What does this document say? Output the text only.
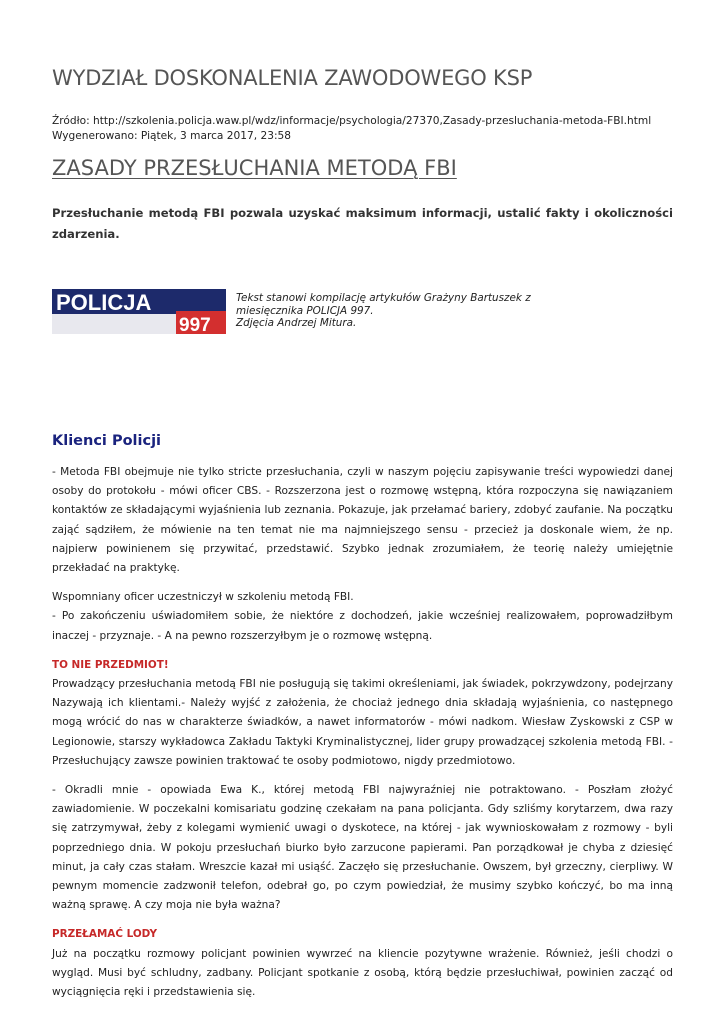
WYDZIAŁ DOSKONALENIA ZAWODOWEGO KSP
Źródło: http://szkolenia.policja.waw.pl/wdz/informacje/psychologia/27370,Zasady-przesluchania-metoda-FBI.html
Wygenerowano: Piątek, 3 marca 2017, 23:58
ZASADY PRZESŁUCHANIA METODĄ FBI
Przesłuchanie metodą FBI pozwala uzyskać maksimum informacji, ustalić fakty i okoliczności zdarzenia.
POLICJA
997
Tekst stanowi kompilację artykułów Grażyny Bartuszek z
miesięcznika POLICJA 997.
Zdjęcia Andrzej Mitura.
Klienci Policji

- Metoda FBI obejmuje nie tylko stricte przesłuchania, czyli w naszym pojęciu zapisywanie treści wypowiedzi danej osoby do protokołu - mówi oficer CBS. - Rozszerzona jest o rozmowę wstępną, która rozpoczyna się nawiązaniem kontaktów ze składającymi wyjaśnienia lub zeznania. Pokazuje, jak przełamać bariery, zdobyć zaufanie. Na początku zająć sądziłem, że mówienie na ten temat nie ma najmniejszego sensu - przecież ja doskonale wiem, że np. najpierw powinienem się przywitać, przedstawić. Szybko jednak zrozumiałem, że teorię należy umiejętnie przekładać na praktykę.

Wspomniany oficer uczestniczył w szkoleniu metodą FBI.

- Po zakończeniu uświadomiłem sobie, że niektóre z dochodzeń, jakie wcześniej realizowałem, poprowadziłbym inaczej - przyznaje. - A na pewno rozszerzyłbym je o rozmowę wstępną.

TO NIE PRZEDMIOT!

Prowadzący przesłuchania metodą FBI nie posługują się takimi określeniami, jak świadek, pokrzywdzony, podejrzany Nazywają ich klientami.- Należy wyjść z założenia, że chociaż jednego dnia składają wyjaśnienia, co następnego mogą wrócić do nas w charakterze świadków, a nawet informatorów - mówi nadkom. Wiesław Zyskowski z CSP w Legionowie, starszy wykładowca Zakładu Taktyki Kryminalistycznej, lider grupy prowadzącej szkolenia metodą FBI. - Przesłuchujący zawsze powinien traktować te osoby podmiotowo, nigdy przedmiotowo.

- Okradli mnie - opowiada Ewa K., której metodą FBI najwyraźniej nie potraktowano. - Poszłam złożyć zawiadomienie. W poczekalni komisariatu godzinę czekałam na pana policjanta. Gdy szliśmy korytarzem, dwa razy się zatrzymywał, żeby z kolegami wymienić uwagi o dyskotece, na której - jak wywnioskowałam z rozmowy - byli poprzedniego dnia. W pokoju przesłuchań biurko było zarzucone papierami. Pan porządkował je chyba z dziesięć minut, ja cały czas stałam. Wreszcie kazał mi usiąść. Zaczęło się przesłuchanie. Owszem, był grzeczny, cierpliwy. W pewnym momencie zadzwonił telefon, odebrał go, po czym powiedział, że musimy szybko kończyć, bo ma inną ważną sprawę. A czy moja nie była ważna?

PRZEŁAMAĆ LODY

Już na początku rozmowy policjant powinien wywrzeć na kliencie pozytywne wrażenie. Również, jeśli chodzi o wygląd. Musi być schludny, zadbany. Policjant spotkanie z osobą, którą będzie przesłuchiwał, powinien zacząć od wyciągnięcia ręki i przedstawienia się.
